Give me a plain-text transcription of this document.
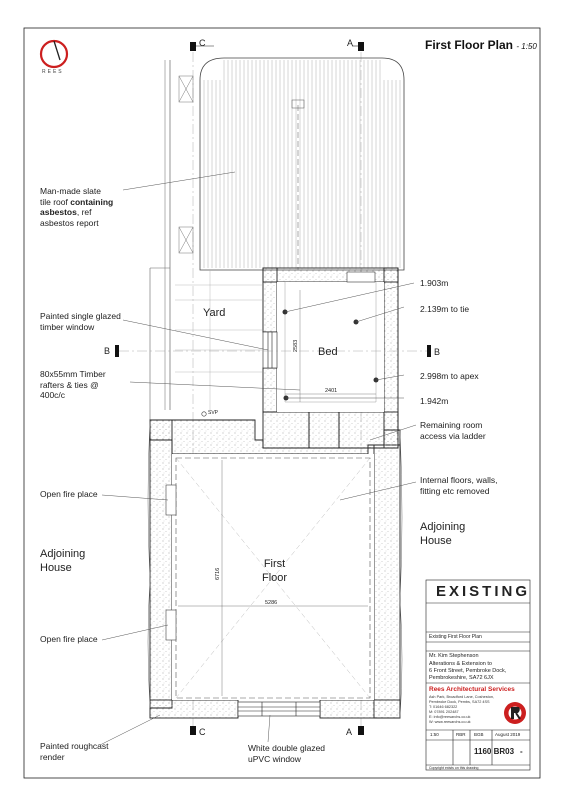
First Floor Plan - 1:50
REES
C	A
C	A
B	B
Man-made slate
tile roof containing
asbestos, ref
asbestos report
Painted single glazed
timber window
80x55mm Timber
rafters & ties @
400c/c
Open fire place
Open fire place
Painted roughcast
render
White double glazed
uPVC window
1.903m
2.139m to tie
2.998m to apex
1.942m
Remaining room
access via ladder
Internal floors, walls,
fitting etc removed
Yard
Bed
First
Floor
Adjoining
House
Adjoining
House
2583
2401
6716
5286
SVP
EXISTING
Existing First Floor Plan
Mr. Kim Stephenson
Alterations & Extension to
6 Front Street, Pembroke Dock,
Pembrokeshire, SA72 6JX
Rees Architectural Services
Ash Park, Broadford Lane, Cosheston,
Pembroke Dock, Pembs, SA72 4SS
T: 01646 682322
M: 07891 202487
E: info@reesarchs.co.uk
W: www.reesarchs.co.uk
1:50	RBR BGB	August 2019
1160 BR03 -
Copyright exists on this drawing
